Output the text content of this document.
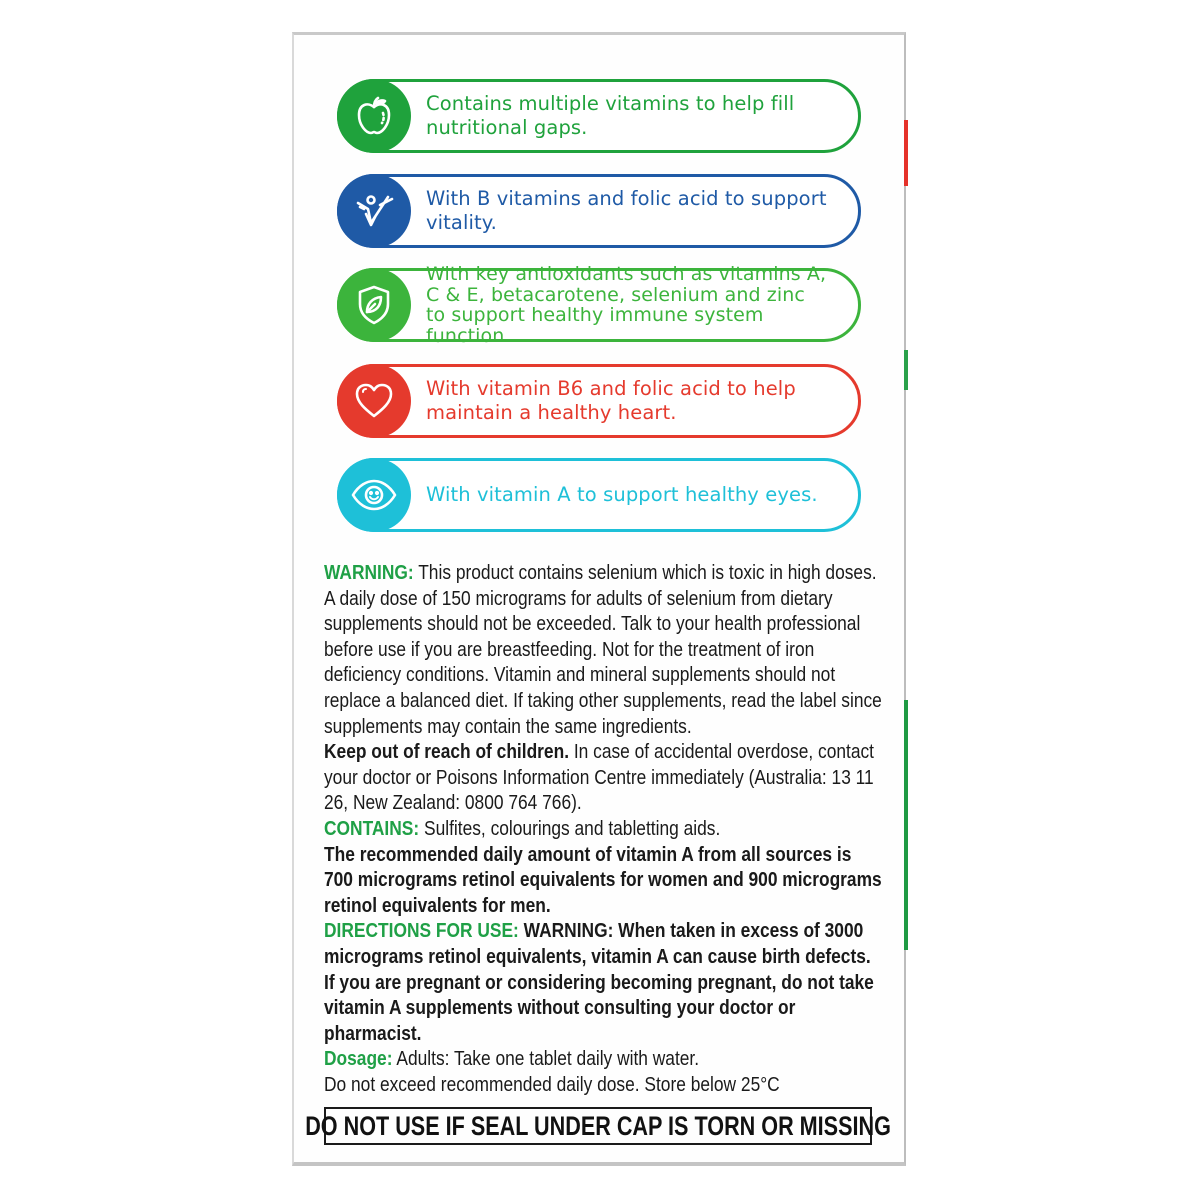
Contains multiple vitamins to help fill nutritional gaps.
With B vitamins and folic acid to support vitality.
With key antioxidants such as vitamins A, C & E, betacarotene, selenium and zinc to support healthy immune system function.
With vitamin B6 and folic acid to help maintain a healthy heart.
With vitamin A to support healthy eyes.

WARNING: This product contains selenium which is toxic in high doses. A daily dose of 150 micrograms for adults of selenium from dietary supplements should not be exceeded. Talk to your health professional before use if you are breastfeeding. Not for the treatment of iron deficiency conditions. Vitamin and mineral supplements should not replace a balanced diet. If taking other supplements, read the label since supplements may contain the same ingredients.

Keep out of reach of children. In case of accidental overdose, contact your doctor or Poisons Information Centre immediately (Australia: 13 11 26, New Zealand: 0800 764 766).

CONTAINS: Sulfites, colourings and tabletting aids.

The recommended daily amount of vitamin A from all sources is 700 micrograms retinol equivalents for women and 900 micrograms retinol equivalents for men.

DIRECTIONS FOR USE: WARNING: When taken in excess of 3000 micrograms retinol equivalents, vitamin A can cause birth defects. If you are pregnant or considering becoming pregnant, do not take vitamin A supplements without consulting your doctor or pharmacist.

Dosage: Adults: Take one tablet daily with water.

Do not exceed recommended daily dose. Store below 25°C

DO NOT USE IF SEAL UNDER CAP IS TORN OR MISSING
